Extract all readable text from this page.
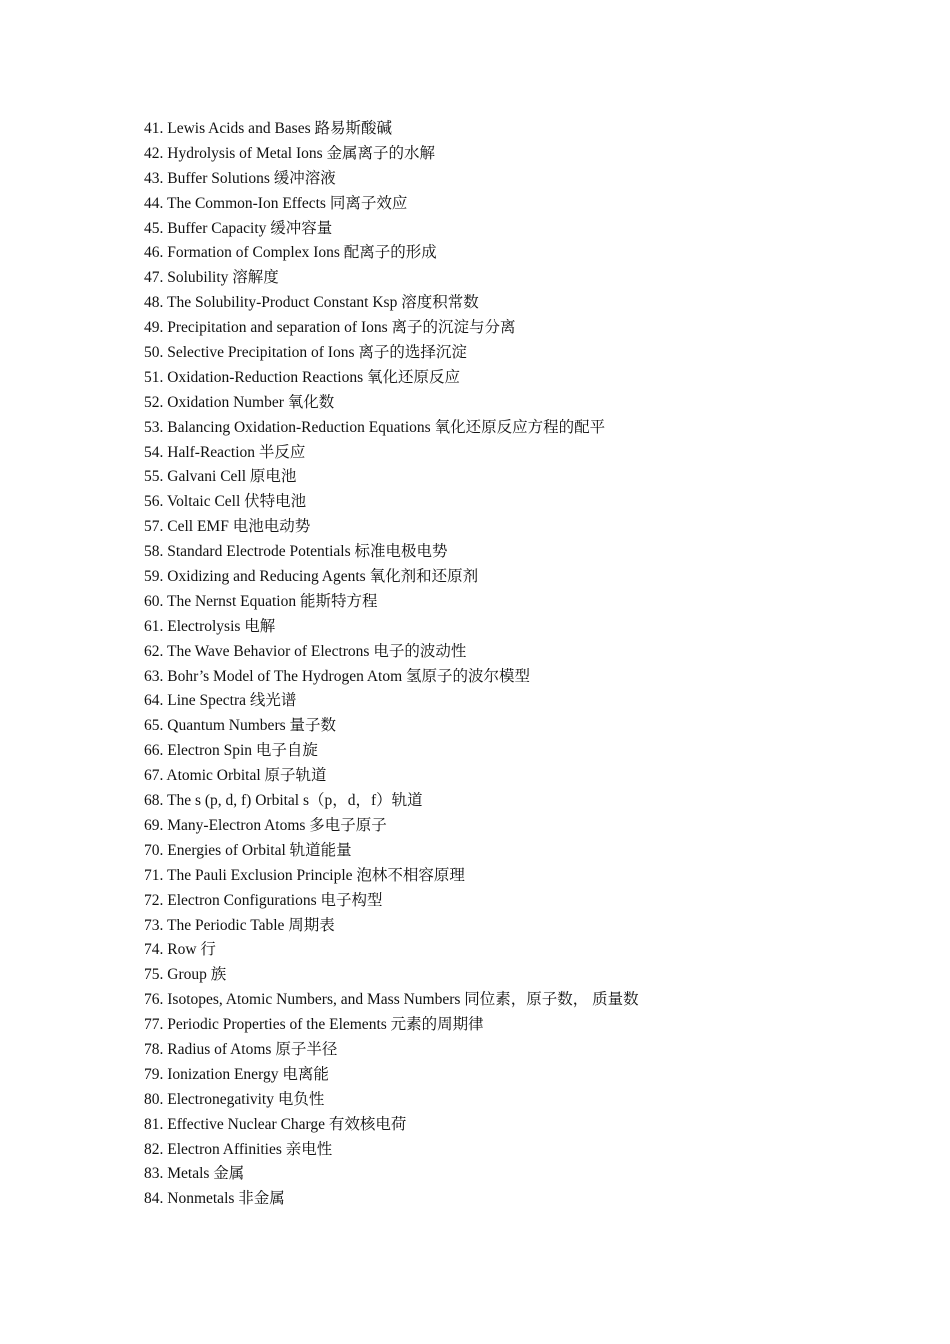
41. Lewis Acids and Bases 路易斯酸碱
42. Hydrolysis of Metal Ions 金属离子的水解
43. Buffer Solutions 缓冲溶液
44. The Common-Ion Effects 同离子效应
45. Buffer Capacity 缓冲容量
46. Formation of Complex Ions 配离子的形成
47. Solubility 溶解度
48. The Solubility-Product Constant Ksp 溶度积常数
49. Precipitation and separation of Ions 离子的沉淀与分离
50. Selective Precipitation of Ions 离子的选择沉淀
51. Oxidation-Reduction Reactions 氧化还原反应
52. Oxidation Number 氧化数
53. Balancing Oxidation-Reduction Equations 氧化还原反应方程的配平
54. Half-Reaction 半反应
55. Galvani Cell 原电池
56. Voltaic Cell 伏特电池
57. Cell EMF 电池电动势
58. Standard Electrode Potentials 标准电极电势
59. Oxidizing and Reducing Agents 氧化剂和还原剂
60. The Nernst Equation 能斯特方程
61. Electrolysis 电解
62. The Wave Behavior of Electrons 电子的波动性
63. Bohr’s Model of The Hydrogen Atom 氢原子的波尔模型
64. Line Spectra 线光谱
65. Quantum Numbers 量子数
66. Electron Spin 电子自旋
67. Atomic Orbital 原子轨道
68. The s (p, d, f) Orbital s（p，d，f）轨道
69. Many-Electron Atoms 多电子原子
70. Energies of Orbital 轨道能量
71. The Pauli Exclusion Principle 泡林不相容原理
72. Electron Configurations 电子构型
73. The Periodic Table 周期表
74. Row 行
75. Group 族
76. Isotopes, Atomic Numbers, and Mass Numbers 同位素，原子数， 质量数
77. Periodic Properties of the Elements 元素的周期律
78. Radius of Atoms 原子半径
79. Ionization Energy 电离能
80. Electronegativity 电负性
81. Effective Nuclear Charge 有效核电荷
82. Electron Affinities 亲电性
83. Metals 金属
84. Nonmetals 非金属
